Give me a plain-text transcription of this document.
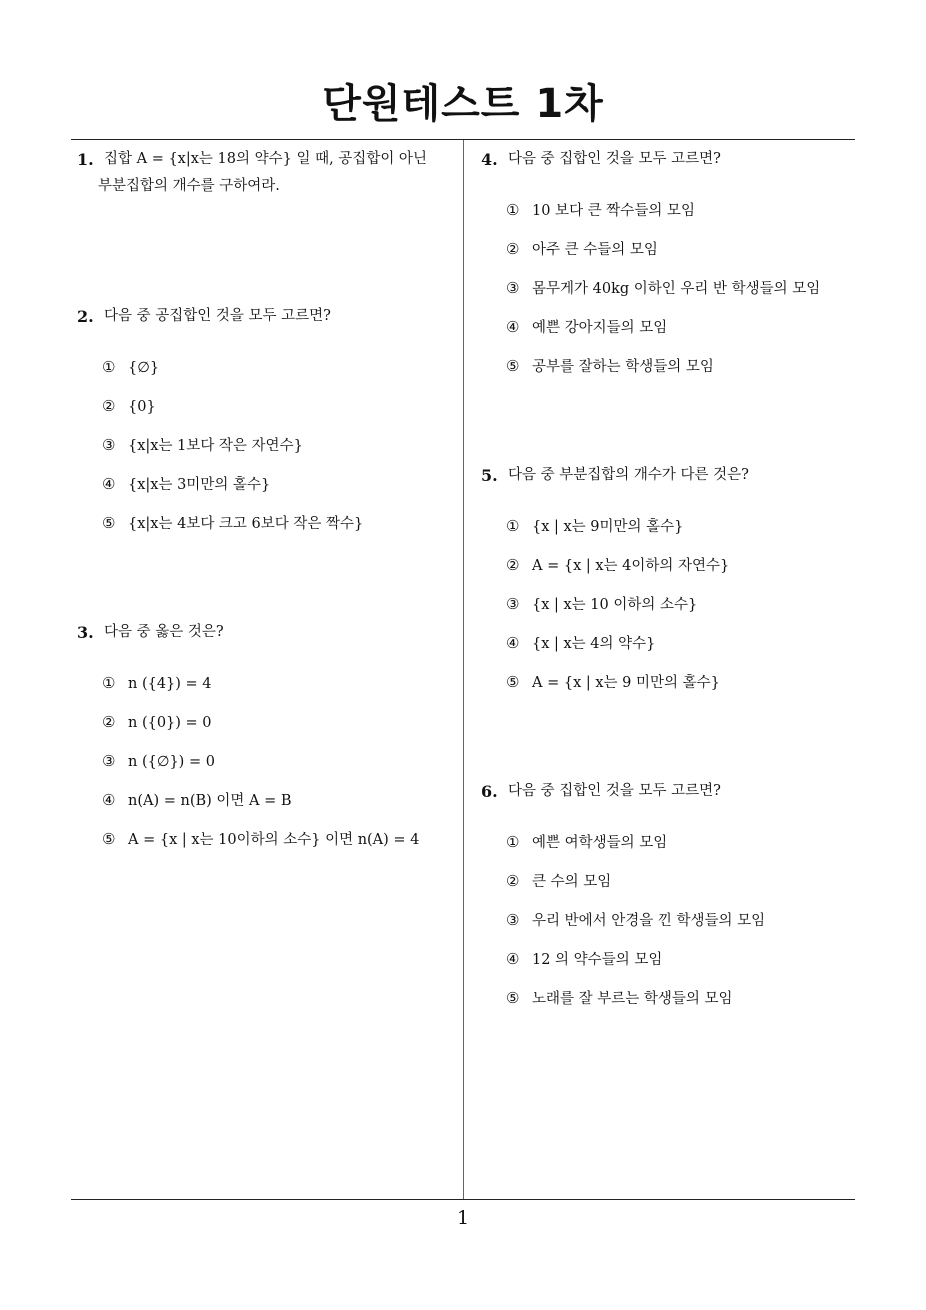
단원테스트 1차
1
1. 집합 A = {x|x는 18의 약수} 일 때, 공집합이 아닌
부분집합의 개수를 구하여라.
2. 다음 중 공집합인 것을 모두 고르면?
① {∅}
② {0}
③ {x|x는 1보다 작은 자연수}
④ {x|x는 3미만의 홀수}
⑤ {x|x는 4보다 크고 6보다 작은 짝수}
3. 다음 중 옳은 것은?
① n ({4}) = 4
② n ({0}) = 0
③ n ({∅}) = 0
④ n(A) = n(B) 이면 A = B
⑤ A = {x | x는 10이하의 소수} 이면 n(A) = 4
4. 다음 중 집합인 것을 모두 고르면?
① 10 보다 큰 짝수들의 모임
② 아주 큰 수들의 모임
③ 몸무게가 40kg 이하인 우리 반 학생들의 모임
④ 예쁜 강아지들의 모임
⑤ 공부를 잘하는 학생들의 모임
5. 다음 중 부분집합의 개수가 다른 것은?
① {x | x는 9미만의 홀수}
② A = {x | x는 4이하의 자연수}
③ {x | x는 10 이하의 소수}
④ {x | x는 4의 약수}
⑤ A = {x | x는 9 미만의 홀수}
6. 다음 중 집합인 것을 모두 고르면?
① 예쁜 여학생들의 모임
② 큰 수의 모임
③ 우리 반에서 안경을 낀 학생들의 모임
④ 12 의 약수들의 모임
⑤ 노래를 잘 부르는 학생들의 모임
